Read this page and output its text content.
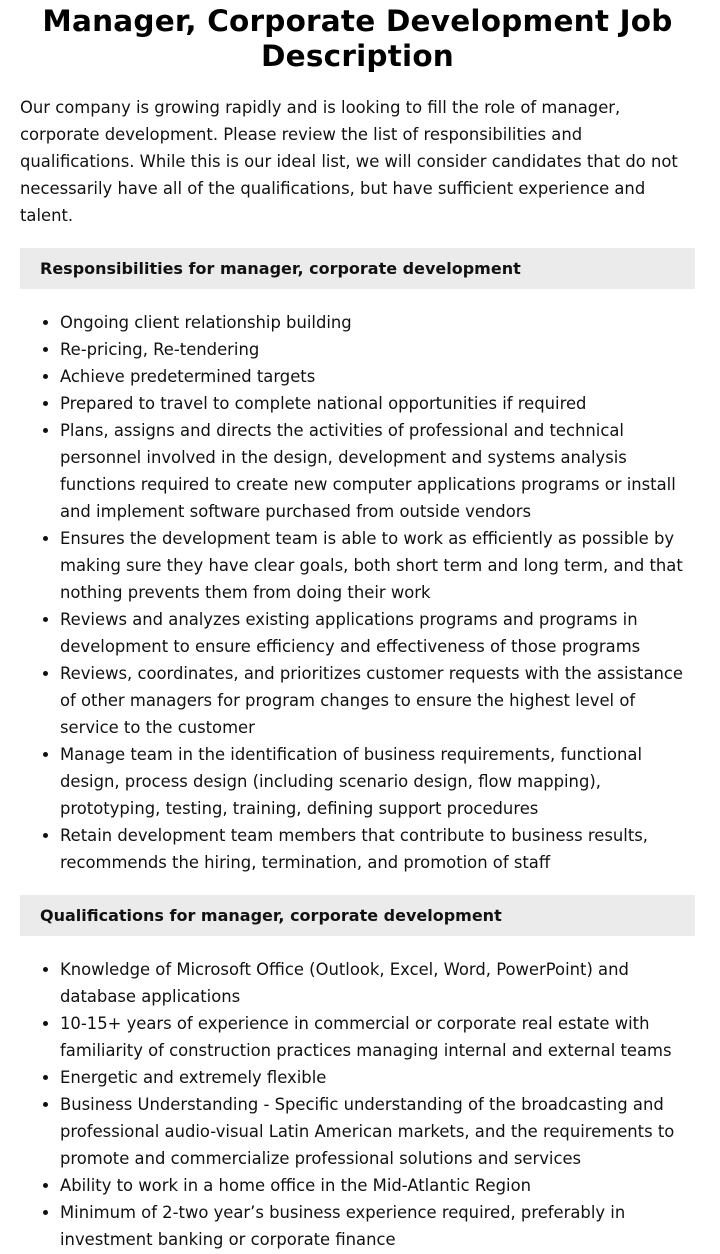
Manager, Corporate Development Job Description

Our company is growing rapidly and is looking to fill the role of manager, corporate development. Please review the list of responsibilities and qualifications. While this is our ideal list, we will consider candidates that do not necessarily have all of the qualifications, but have sufficient experience and talent.

Responsibilities for manager, corporate development
• Ongoing client relationship building
• Re-pricing, Re-tendering
• Achieve predetermined targets
• Prepared to travel to complete national opportunities if required
• Plans, assigns and directs the activities of professional and technical personnel involved in the design, development and systems analysis functions required to create new computer applications programs or install and implement software purchased from outside vendors
• Ensures the development team is able to work as efficiently as possible by making sure they have clear goals, both short term and long term, and that nothing prevents them from doing their work
• Reviews and analyzes existing applications programs and programs in development to ensure efficiency and effectiveness of those programs
• Reviews, coordinates, and prioritizes customer requests with the assistance of other managers for program changes to ensure the highest level of service to the customer
• Manage team in the identification of business requirements, functional design, process design (including scenario design, flow mapping), prototyping, testing, training, defining support procedures
• Retain development team members that contribute to business results, recommends the hiring, termination, and promotion of staff
Qualifications for manager, corporate development
• Knowledge of Microsoft Office (Outlook, Excel, Word, PowerPoint) and database applications
• 10-15+ years of experience in commercial or corporate real estate with familiarity of construction practices managing internal and external teams
• Energetic and extremely flexible
• Business Understanding - Specific understanding of the broadcasting and professional audio-visual Latin American markets, and the requirements to promote and commercialize professional solutions and services
• Ability to work in a home office in the Mid-Atlantic Region
• Minimum of 2-two year’s business experience required, preferably in investment banking or corporate finance
